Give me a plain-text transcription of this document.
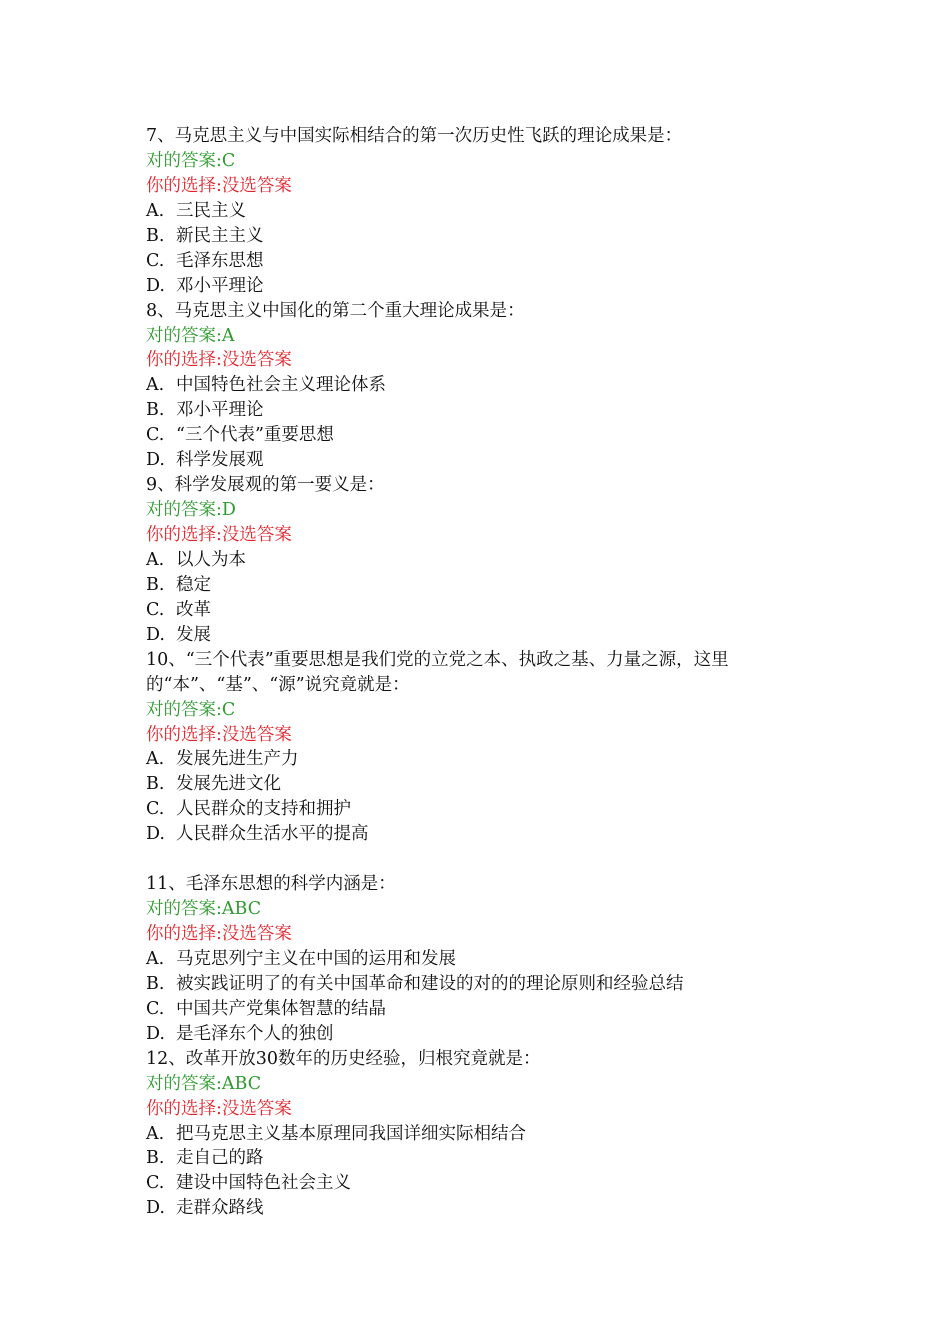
7、马克思主义与中国实际相结合的第一次历史性飞跃的理论成果是：
对的答案:C
你的选择:没选答案
A. 三民主义
B. 新民主主义
C. 毛泽东思想
D. 邓小平理论
8、马克思主义中国化的第二个重大理论成果是：
对的答案:A
你的选择:没选答案
A. 中国特色社会主义理论体系
B. 邓小平理论
C. “三个代表”重要思想
D. 科学发展观
9、科学发展观的第一要义是：
对的答案:D
你的选择:没选答案
A. 以人为本
B. 稳定
C. 改革
D. 发展
10、“三个代表”重要思想是我们党的立党之本、执政之基、力量之源，这里
的“本”、“基”、“源”说究竟就是：
对的答案:C
你的选择:没选答案
A. 发展先进生产力
B. 发展先进文化
C. 人民群众的支持和拥护
D. 人民群众生活水平的提高
11、毛泽东思想的科学内涵是：
对的答案:ABC
你的选择:没选答案
A. 马克思列宁主义在中国的运用和发展
B. 被实践证明了的有关中国革命和建设的对的的理论原则和经验总结
C. 中国共产党集体智慧的结晶
D. 是毛泽东个人的独创
12、改革开放30数年的历史经验，归根究竟就是：
对的答案:ABC
你的选择:没选答案
A. 把马克思主义基本原理同我国详细实际相结合
B. 走自己的路
C. 建设中国特色社会主义
D. 走群众路线
